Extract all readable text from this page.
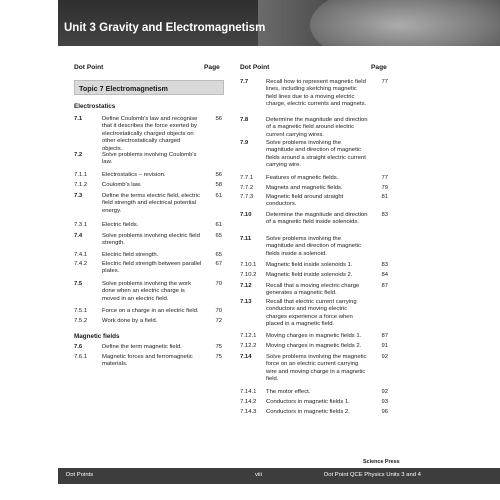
Unit 3 Gravity and Electromagnetism
Dot Point	Page	Dot Point	Page
Topic 7 Electromagnetism
Electrostatics
Magnetic fields
7.1	Define Coulomb's law and recognise that it describes the force exerted by electrostatically charged objects on other electrostatically charged objects.
56
7.2	Solve problems involving Coulomb's law.
7.1.1	Electrostatics – revision.	56
7.1.2	Coulomb's law.	58
7.3	Define the terms electric field, electric field strength and electrical potential energy.
61
7.3.1	Electric fields.	61
7.4	Solve problems involving electric field strength.
65
7.4.1	Electric field strength.	65
7.4.2	Electric field strength between parallel plates.
67
7.5	Solve problems involving the work done when an electric charge is moved in an electric field.
70
7.5.1	Force on a charge in an electric field.	70
7.5.2	Work done by a field.	72
7.6	Define the term magnetic field.	75
7.6.1	Magnetic forces and ferromagnetic materials.
75
7.7	Recall how to represent magnetic field lines, including sketching magnetic field lines due to a moving electric charge, electric currents and magnets.
77
7.8	Determine the magnitude and direction of a magnetic field around electric current carrying wires.
7.9	Solve problems involving the magnitude and direction of magnetic fields around a straight electric current carrying wire.
7.7.1 Features of magnetic fields.	77
7.7.2 Magnets and magnetic fields.	79
7.7.3 Magnetic field around straight conductors.
81
7.10 Determine the magnitude and direction of a magnetic field inside solenoids.
83
7.11	Solve problems involving the magnitude and direction of magnetic fields inside a solenoid.
7.10.1 Magnetic field inside solenoids 1.	83
7.10.2 Magnetic field inside solenoids 2.	84
7.12 Recall that a moving electric charge generates a magnetic field.
87
7.13 Recall that electric current carrying conductors and moving electric charges experience a force when placed in a magnetic field.
7.12.1 Moving charges in magnetic fields 1.	87
7.12.2 Moving charges in magnetic fields 2.	91
7.14 Solve problems involving the magnetic force on an electric current carrying wire and moving charge in a magnetic field.
92
7.14.1 The motor effect.	92
7.14.2 Conductors in magnetic fields 1.	93
7.14.3 Conductors in magnetic fields 2.	96
Science Press
Dot Points	viii	Dot Point QCE Physics Units 3 and 4
